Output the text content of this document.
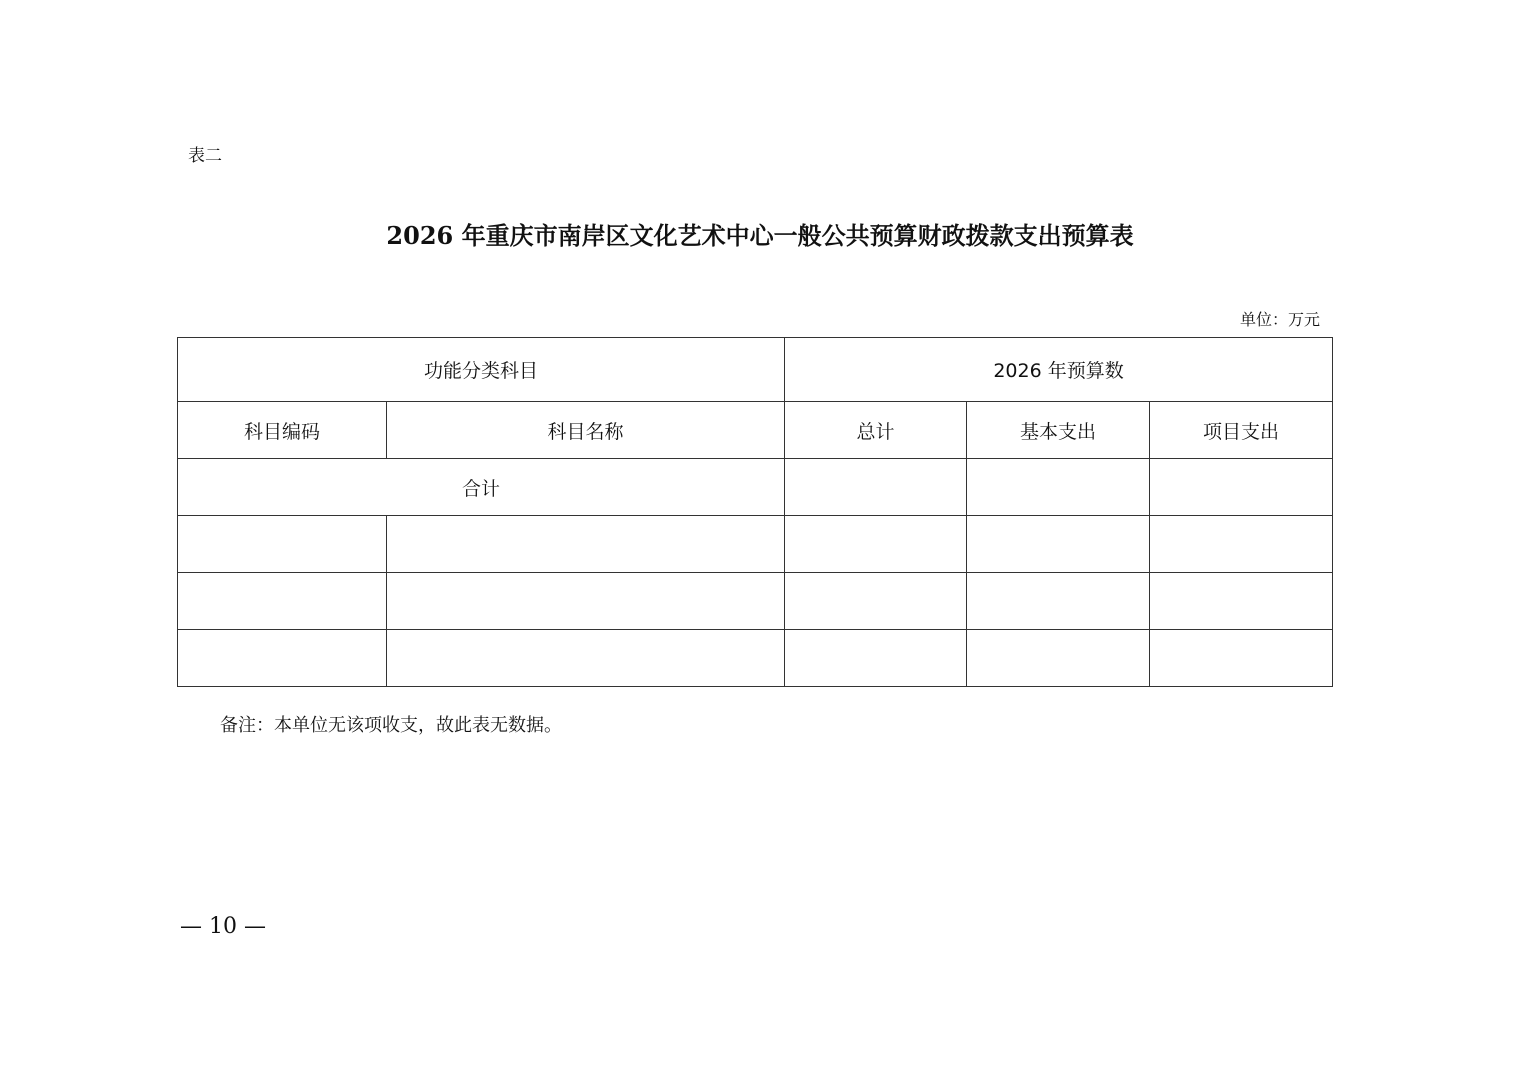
表二
2026 年重庆市南岸区文化艺术中心一般公共预算财政拨款支出预算表
单位：万元
功能分类科目		2026 年预算数		
科目编码	科目名称	总计	基本支出	项目支出
合计				

备注：本单位无该项收支，故此表无数据。
— 10 —
